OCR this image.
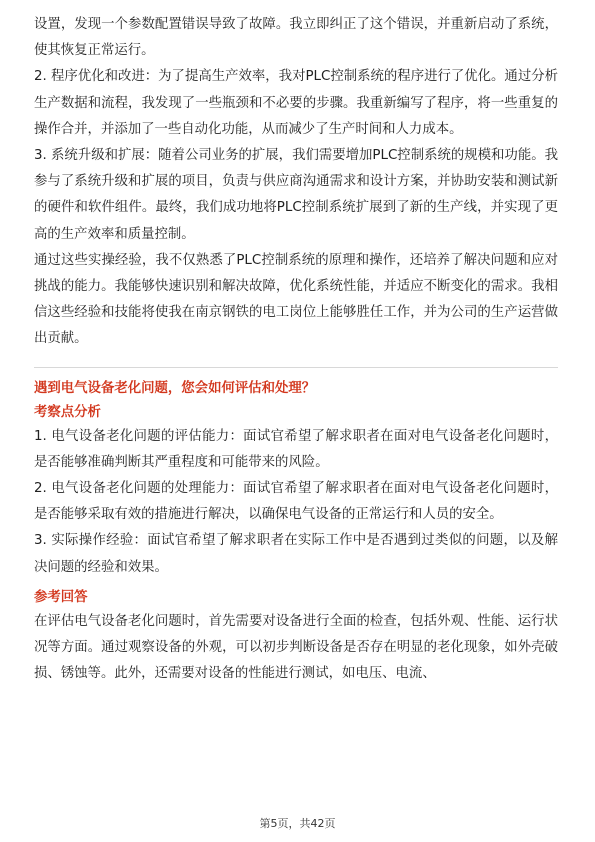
设置，发现一个参数配置错误导致了故障。我立即纠正了这个错误，并重新启动了系统，使其恢复正常运行。

2. 程序优化和改进：为了提高生产效率，我对PLC控制系统的程序进行了优化。通过分析生产数据和流程，我发现了一些瓶颈和不必要的步骤。我重新编写了程序，将一些重复的操作合并，并添加了一些自动化功能，从而减少了生产时间和人力成本。

3. 系统升级和扩展：随着公司业务的扩展，我们需要增加PLC控制系统的规模和功能。我参与了系统升级和扩展的项目，负责与供应商沟通需求和设计方案，并协助安装和测试新的硬件和软件组件。最终，我们成功地将PLC控制系统扩展到了新的生产线，并实现了更高的生产效率和质量控制。

通过这些实操经验，我不仅熟悉了PLC控制系统的原理和操作，还培养了解决问题和应对挑战的能力。我能够快速识别和解决故障，优化系统性能，并适应不断变化的需求。我相信这些经验和技能将使我在南京钢铁的电工岗位上能够胜任工作，并为公司的生产运营做出贡献。

遇到电气设备老化问题，您会如何评估和处理？

考察点分析

1. 电气设备老化问题的评估能力：面试官希望了解求职者在面对电气设备老化问题时，是否能够准确判断其严重程度和可能带来的风险。

2. 电气设备老化问题的处理能力：面试官希望了解求职者在面对电气设备老化问题时，是否能够采取有效的措施进行解决，以确保电气设备的正常运行和人员的安全。

3. 实际操作经验：面试官希望了解求职者在实际工作中是否遇到过类似的问题，以及解决问题的经验和效果。

参考回答

在评估电气设备老化问题时，首先需要对设备进行全面的检查，包括外观、性能、运行状况等方面。通过观察设备的外观，可以初步判断设备是否存在明显的老化现象，如外壳破损、锈蚀等。此外，还需要对设备的性能进行测试，如电压、电流、

第5页，共42页
